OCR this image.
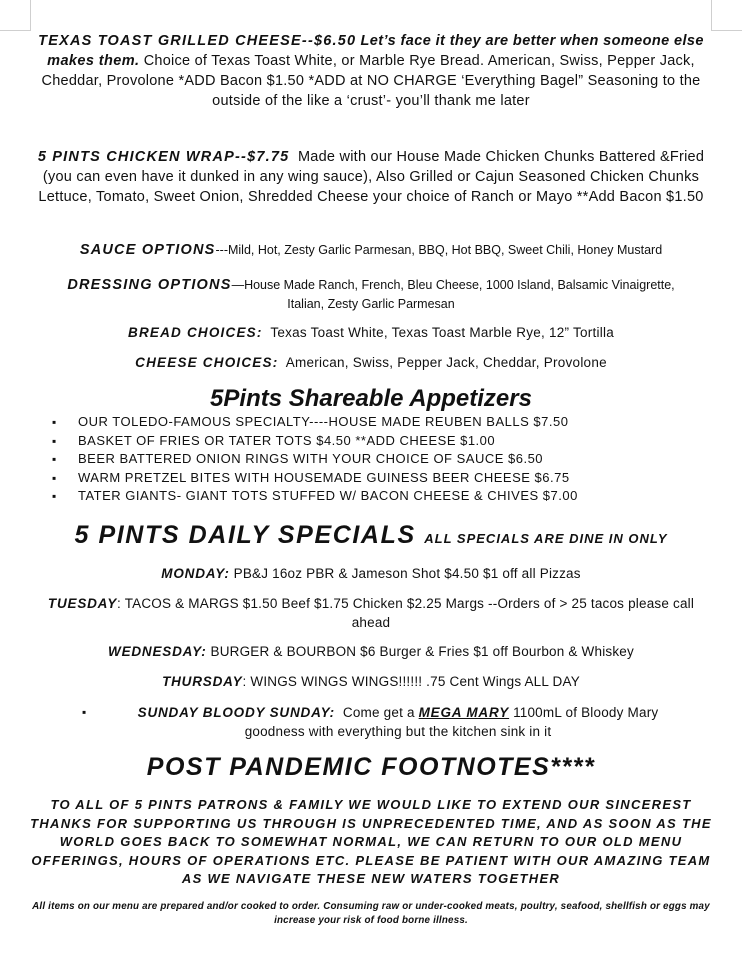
TEXAS TOAST GRILLED CHEESE--$6.50 Let’s face it they are better when someone else makes them. Choice of Texas Toast White, or Marble Rye Bread. American, Swiss, Pepper Jack, Cheddar, Provolone *ADD Bacon $1.50 *ADD at NO CHARGE ‘Everything Bagel” Seasoning to the outside of the like a ‘crust’- you’ll thank me later
5 PINTS CHICKEN WRAP--$7.75 Made with our House Made Chicken Chunks Battered &Fried (you can even have it dunked in any wing sauce), Also Grilled or Cajun Seasoned Chicken Chunks Lettuce, Tomato, Sweet Onion, Shredded Cheese your choice of Ranch or Mayo **Add Bacon $1.50
SAUCE OPTIONS---Mild, Hot, Zesty Garlic Parmesan, BBQ, Hot BBQ, Sweet Chili, Honey Mustard
DRESSING OPTIONS—House Made Ranch, French, Bleu Cheese, 1000 Island, Balsamic Vinaigrette, Italian, Zesty Garlic Parmesan
BREAD CHOICES: Texas Toast White, Texas Toast Marble Rye, 12” Tortilla
CHEESE CHOICES: American, Swiss, Pepper Jack, Cheddar, Provolone
5Pints Shareable Appetizers
▪ OUR TOLEDO-FAMOUS SPECIALTY----HOUSE MADE REUBEN BALLS $7.50
▪ BASKET OF FRIES OR TATER TOTS $4.50 **ADD CHEESE $1.00
▪ BEER BATTERED ONION RINGS WITH YOUR CHOICE OF SAUCE $6.50
▪ WARM PRETZEL BITES WITH HOUSEMADE GUINESS BEER CHEESE $6.75
▪ TATER GIANTS- GIANT TOTS STUFFED W/ BACON CHEESE & CHIVES $7.00
5 PINTS DAILY SPECIALS ALL SPECIALS ARE DINE IN ONLY
MONDAY: PB&J 16oz PBR & Jameson Shot $4.50 $1 off all Pizzas
TUESDAY: TACOS & MARGS $1.50 Beef $1.75 Chicken $2.25 Margs --Orders of > 25 tacos please call ahead
WEDNESDAY: BURGER & BOURBON $6 Burger & Fries $1 off Bourbon & Whiskey
THURSDAY: WINGS WINGS WINGS!!!!!! .75 Cent Wings ALL DAY
▪	SUNDAY BLOODY SUNDAY: Come get a MEGA MARY 1100mL of Bloody Mary goodness with everything but the kitchen sink in it
POST PANDEMIC FOOTNOTES****
TO ALL OF 5 PINTS PATRONS & FAMILY WE WOULD LIKE TO EXTEND OUR SINCEREST THANKS FOR SUPPORTING US THROUGH IS UNPRECEDENTED TIME, AND AS SOON AS THE WORLD GOES BACK TO SOMEWHAT NORMAL, WE CAN RETURN TO OUR OLD MENU OFFERINGS, HOURS OF OPERATIONS ETC. PLEASE BE PATIENT WITH OUR AMAZING TEAM AS WE NAVIGATE THESE NEW WATERS TOGETHER
All items on our menu are prepared and/or cooked to order. Consuming raw or under-cooked meats, poultry, seafood, shellfish or eggs may increase your risk of food borne illness.
